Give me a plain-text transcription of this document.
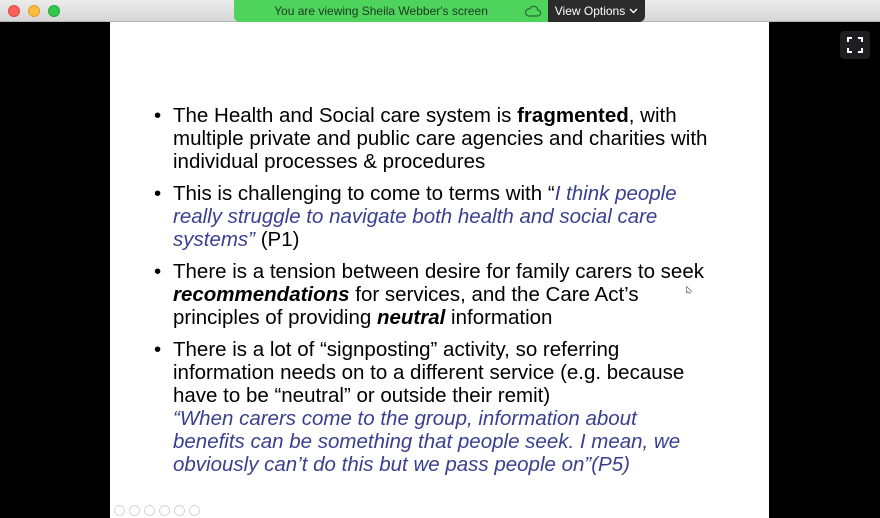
You are viewing Sheila Webber's screen	View Options
• The Health and Social care system is fragmented, with multiple private and public care agencies and charities with individual processes & procedures
• This is challenging to come to terms with “I think people really struggle to navigate both health and social care systems” (P1)
• There is a tension between desire for family carers to seek recommendations for services, and the Care Act’s principles of providing neutral information
• There is a lot of “signposting” activity, so referring information needs on to a different service (e.g. because have to be “neutral” or outside their remit)
“When carers come to the group, information about benefits can be something that people seek. I mean, we obviously can’t do this but we pass people on”(P5)
